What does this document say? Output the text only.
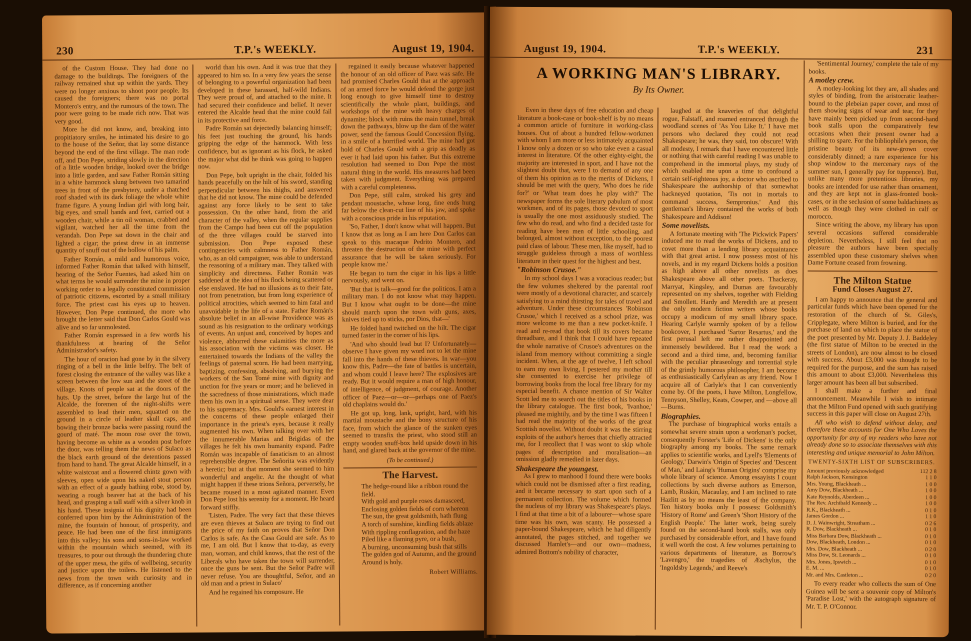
230	T.P.'s WEEKLY.	August 19, 1904.

of the Custom House. They had done no damage to the buildings. The foreigners of the railway remained shut up within the yards. They were no longer anxious to shoot poor people. Its caused the foreigners; there was no portal Montero's entry, and the rumours of the town. The poor were going to be made rich now. That was very good.

More he did not know, and, breaking into propitiatory smiles, he intimated his desire to go to the house of the Señor, that lay some distance beyond the end of the first village. The man rode off, and Don Pepe, striding slowly in the direction of a little wooden bridge, looked over the bridge into a little garden, and saw Father Román sitting in a white hammock slung between two tamarind trees in front of the presbytery, under a thatched roof shaded with its dark foliage the whole white frame figure. A young Indian girl with long hair, big eyes, and small hands and feet, carried out a wooden chair, while a tin oil woman, crabbed and vigilant, watched her all the time from the verandah. Don Pepe sat down in the chair and lighted a cigar; the priest drew in an immense quantity of snuff out of the hollow of his palm.

Father Román, a mild and humorous voice, informed Father Román that talked with himself, hearing of the Señor Fuentes, had asked him on what terms he would surrender the mine in proper working order to a legally constituted commission of patriotic citizens, escorted by a small military force. The priest cast his eyes up to heaven. However, Don Pepe continued, the more who brought the letter said that Don Carlos Gould was alive and so far unmolested.

Father Román expressed in a few words his thankfulness at hearing of the Señor Administrador's safety.

The hour of oracion had gone by in the silvery ringing of a bell in the little belfry. The belt of forest closing the entrance of the valley was like a screen between the low sun and the street of the village. Knots of people sat at the doors of the huts. Up the street, before the large hut of the Alcalde, the foremen of the night-shifts were assembled to lead their men, squatted on the ground in a circle of leather skull caps, and bowing their bronze backs were passing round the gourd of maté. The moon rose over the town, having become as white as a wooden post before the door, was telling them the news of Sulaco as the black earth ground of the detentions passed from hand to hand. The great Alcalde himself, in a white waistcoat and a flowered chintz gown with sleeves, open wide upon his naked stout person with an effect of a gaudy bathing robe, stood by, wearing a rough beaver hat at the back of his head, and grasping a tall staff with a silver knob in his hand. These insignia of his dignity had been conferred upon him by the Administration of the mine, the fountain of honour, of prosperity, and peace. He had been one of the first immigrants into this valley; his sons and sons-in-law worked within the mountain which seemed, with its treasures, to pour out through the thundering chute of the upper mesa, the gifts of wellbeing, security and justice upon the toilers. He listened to the news from the town with curiosity and in difference, as if concerning another

world than his own. And it was true that they appeared to him so. In a very few years the sense of belonging to a powerful organization had been developed in these harassed, half-wild Indians. They were proud of, and attached to the mine. It had secured their confidence and belief. It never entered the Alcalde head that the mine could fail in its protective and force.

Padre Román sat dejectedly balancing himself; his feet just touching the ground, his hands gripping the edge of the hammock. With less confidence, but as ignorant as his flock, he asked the major what did he think was going to happen now.

Don Pepe, bolt upright in the chair, folded his hands peacefully on the hilt of his sword, standing perpendicular between his thighs, and answered that he did not know. The mine could be defended against any force likely to be sent to take possession. On the other hand, from the arid character of the valley, when the regular supplies from the Campo had been cut off the population of the three villages could be starved into submission. Don Pepe exposed these contingencies with calmness to Father Román, who, as an old campaigner, was able to understand the reasoning of a military man. They talked with simplicity and directness. Father Román was saddened at the idea of his flock being scattered or else enslaved. He had no illusions as to their fate, not from penetration, but from long experience of political atrocities, which seemed to him fatal and unavoidable in the life of a state. Father Román's absolute belief in an all-wise Providence was as sound as his resignation to the ordinary workings of events. An unjust and, conceived by hopes and violence, abhorred these calamities the more as his association with the victims was closer. He entertained towards the Indians of the valley the feelings of paternal scorn. He had been marrying, baptizing, confessing, absolving, and burying the workers of the San Tomé mine with dignity and unction for five years or more; and he believed in the sacredness of those ministrations, which made them his own in a spiritual sense. They were dear to his supremacy. Mrs. Gould's earnest interest in the concerns of these people enlarged their importance in the priest's eyes, because it really augmented his own. When talking over with her the innumerable Marias and Brigidas of the villages he felt his own humanity expand. Padre Román was incapable of fanaticism to an almost reprehensible degree. The Señorita was evidently a heretic; but at that moment she seemed to him wonderful and angelic. At the thought of what might happen if these trions Señora, perversely, he became roused in a most agitated manner. Even Don Pepe lost his serenity for a moment. He heard forward stiffly.

'Listen, Padre. The very fact that these thieves are even thieves at Sulaco are trying to find out the price of my faith on proves that Señor Don Carlos is safe. As the Casa Gould are safe. As to me, I am old. But I know that to-day, as every man, woman, and child knows, that the rest of the Liberals who have taken the town will surrender, once the guns be sent. But the Señor Padre will never refuse. You are thoughtful, Señor, and an old man and a priest in Sulaco'

And he regained his composure. He

regained it easily because whatever happened the honour of an old officer of Paez was safe. He had promised Charles Gould that at the approach of an armed force he would defend the gorge just long enough to give himself time to destroy scientifically the whole plant, buildings, and workshops of the mine with heavy charges of dynamite; block with ruins the main tunnel, break down the pathways, blow up the dam of the water power, send the famous Gould Concession flying, in a smile of a horrified world. The mine had got hold of Charles Gould with a grip as deadly as ever it had laid upon his father. But this extreme resolution had seemed to Don Pepe the most natural thing in the world. His measures had been taken with judgment. Everything was prepared with a careful completeness.

Don Pepe, still calm, stroked his grey and pendant moustache, whose long, fine ends hung far below the clean-cut line of his jaw, and spoke with a conscious pride in his reputation.

'So, Father, I don't know what will happen. But I know that as long as I am here Don Carlos can speak to this macaque Pedrito Montero, and threaten the destruction of the mine with perfect assurance that he will be taken seriously. For people know me.'

He began to turn the cigar in his lips a little nervously, and went on.

'But that is talk—good for the politicos. I am a military man. I do not know what may happen. But I know what ought to be done—the mine should march upon the town with guns, axes, knives tied up to sticks, por Dios, that—'

He folded hand twitched on the hilt. The cigar turned faster in the corner of his lips.

'And who should lead but I? Unfortunately—observe I have given my word not to let the mine fall into the hands of these thieves. In war—you know this, Padre—the fate of battles is uncertain, and whom could I leave here? The explosives are ready. But it would require a man of high honour, of intelligence, of judgment, of courage. Another officer of Paez—or—or—perhaps one of Paez's old chaplains would do.'

He got up, long, lank, upright, hard, with his martial moustache and the bony structure of his face, from which the glance of the sunken eyes seemed to transfix the priest, who stood still an empty wooden snuff-box held upside down in his hand, and glared back at the governor of the mine.

(To be continued.)
The Harvest.
The hedge-round like a ribbon round the field.
With gold and purple roses damasceed,
Enclosing golden fields of corn whereon
The sun, the great goldsmith, hath flung
A torch of sunshine, kindling fields ablaze
With rippling conflagration, and the haze
Piled like a flaming pyre, or a bush,
A burning, unconsuming bush that stills
The golden god of Autumn, and the ground
Around is holy.
Robert Williams.
August 19, 1904.	T.P.'s WEEKLY.	231
A WORKING MAN'S LIBRARY.
By Its Owner.

Even in these days of free education and cheap literature a book-case or book-shelf is by no means a common article of furniture in working-class houses. Out of about a hundred fellow-workmen with whom I am more or less intimately acquainted I know only a dozen or so who take even a casual interest in literature. Of the other eighty-eight, the majority are interested in sport, and I have not the slightest doubt that, were I to demand of any one of them his opinion as to the merits of Dickens, I should be met with the query, 'Who does he ride for?' or 'What team does he play with?' The newspaper forms the sole literary pabulum of most workmen, and of its pages, those devoted to sport is usually the one most assiduously studied. The few who do read, and who find a decided taste for reading have been men of little schooling, and belonged, almost without exception, to the poorest paid class of labour. These men, like myself, had to struggle guideless through a mass of worthless literature in their quest for the highest and best.

"Robinson Crusoe."

In my school days I was a voracious reader; but the few volumes sheltered by the parental roof were mostly of a devotional character, and scarcely satisfying to a mind thirsting for tales of travel and adventure. Under these circumstances 'Robinson Crusoe,' which I received as a school prize, was more welcome to me than a new pocket-knife. I read and re-read that book till its covers became threadbare, and I think that I could have repeated the whole narrative of Crusoe's adventures on the island from memory without committing a single incident. When, at the age of twelve, I left school to earn my own living, I pestered my mother till she consented to exercise her privilege of borrowing books from the local free library for my especial benefit. A chance mention of Sir Walter Scott led me to search out the titles of his books in the library catalogue. The first book, 'Ivanhoe,' pleased me mightily, and by the time I was fifteen I had read the majority of the works of the great Scottish novelist. Without doubt it was the stirring exploits of the author's heroes that chiefly attracted me, for I recollect that I was wont to skip whole pages of description and moralisation—an omission gladly remedied in later days.

Shakespeare the youngest.

As I grew to manhood I found there were books which could not be dismissed after a first reading, and it became necessary to start upon such of a permanent collection. The volume which formed the nucleus of my library was Shakespeare's plays. I find at that time a bit of a labourer—whose spare time was his own, was scanty. He possessed a paper-bound Shakespeare, which he had diligently annotated, the pages stitched, and together we discussed Hamlet's—and our own—madness, admired Bottom's nobility of character,

laughed at the knaveries of that delightful rogue, Falstaff, and roamed entranced through the woodland scenes of 'As You Like It.' I have met persons who declared they could not read Shakespeare; he was, they said, too obscure! With all modesty, I remark that I have encountered little or nothing that with careful reading I was unable to comprehend in the immortal plays, my study of which enabled me upon a time to confound a certain self-righteous joy, a doctor who ascribed to Shakespeare the authorship of that somewhat hackneyed quotation, 'Tis not in mortals to command success, Sempronius.' And this gentleman's library contained the works of both Shakespeare and Addison!

Some novelists.

A fortunate meeting with 'The Pickwick Papers' induced me to read the works of Dickens, and to covet more than a lending library acquaintance with that great artist. I now possess most of his novels, and in my regard Dickens holds a position as high above all other novelists as does Shakespeare above all other poets. Thackeray, Marryat, Kingsley, and Dumas are favourably represented on my shelves, together with Fielding and Smollett. Hardy and Meredith are at present the only modern fiction writers whose books occupy a modicum of my small library space. Hearing Carlyle warmly spoken of by a fellow bookcover, I purchased 'Sartor Resartus,' and the first perusal left me rather disappointed and immensely bewildered. But I read the work a second and a third time, and, becoming familiar with the peculiar phraseology and torrential style of the grimly humorous philosopher, I am become as enthusiastically Carlylean as any friend. Now I acquire all of Carlyle's that I can conveniently come by. Of the poets, I have Milton, Longfellow, Tennyson, Shelley, Keats, Cowper, and —above all—Burns.

Biographies.

The purchase of biographical works entails a somewhat severe strain upon a workman's pocket, consequently Forster's 'Life of Dickens' is the only biography among my books. The same remark applies to scientific works, and Lyell's 'Elements of Geology,' Darwin's 'Origin of Species' and 'Descent of Man,' and Laing's 'Human Origins' comprise my whole library of science. Among essayists I count collections by such diverse authors as Emerson, Lamb, Ruskin, Macaulay, and I am inclined to rate Hazlitt as by no means the least of the company. Ten history books only I possess: Goldsmith's 'History of Rome' and Green's 'Short History of the English People.' The latter work, being surely found on the second-hand book stalls, was only purchased by considerable effort, and I have found it well worth the cost. A few volumes pertaining to various departments of literature, as Borrow's 'Lavengro,' the tragedies of Æschylus, the 'Ingoldsby Legends,' and Reeve's

'Sentimental Journey,' complete the tale of my books.

A motley crew.

A motley-looking lot they are, all shades and styles of binding, from the aristocratic leather-bound to the plebeian paper cover, and most of them showing signs of wear and tear, for they have mainly been picked up from second-hand book stalls upon the comparatively few occasions when their present owner had a shilling to spare. For the bibliophile's person, the pristine beauty of its new-grown cover considerably dinned; a rare experience for his shop window to the mercenary rays of the summer sun, I generally pay for tuppence). But, unlike many more pretentious libraries, my books are intended for use rather than ornament, and they are kept not in glass-fronted book-cases, or in the seclusion of some baldachinets as well as though they were clothed in calf or morocco.

Since writing the above, my library has upon several occasions suffered considerable depletion. Nevertheless, I still feel that no pleasure the authors have been specially assembled upon these customary shelves when Dame Fortune ceased from frowning.

The Milton Statue
Fund Closes August 27.

I am happy to announce that the general and particular funds which have been opened for the restoration of the church of St. Giles's, Cripplegate, where Milton is buried, and for the purchase of land on which to place the statue of the poet presented by Mr. Deputy J. J. Baddeley (the first statue of Milton to be erected in the streets of London), are now almost to be closed with success. About £3,000 was thought to be required for the purpose, and the sum has raised this amount to about £3,000. Nevertheless this larger amount has been all but subscribed.

I shall make a further and final announcement. Meanwhile I wish to intimate that the Milton Fund opened with such gratifying success in this paper will close on August 27th.

All who wish to defend without delay, and therefore these accounts for One Who Loves the opportunity for any of my readers who have not already done so to associate themselves with this interesting and unique memorial to John Milton.

TWENTY-SIXTH LIST OF SUBSCRIBERS.
Amount previously acknowledged	112 2 8
Ralph Jackson, Kensington	1 1 0
Mrs. Young, Blackheath ...	1 0 0
Amy Dow, Blackheath ...	1 0 0
Kate Reynolds, Aberdeen ...	1 0 0
The Rev. Archibald Kennedy ...	1 0 0
R.K., Blackheath ...	0 1 0
James Gordon ...	1 1 0
D. J. Wainwright, Streatham ...	0 2 6
R. Dow, Blackheath ...	0 1 0
Miss Barbara Dow, Blackheath ...	0 1 0
Dow, Blackheath, London ...	0 1 0
Mrs. Dow, Blackheath ...	0 2 0
Miss Dow, St. Leonards ...	0 1 0
Mrs. Jones, Ipswich ...	0 1 0
E. M. ...	0 1 0
Mr. and Mrs. Castleton ...	0 2 0

To every reader who collects the sum of One Guinea will be sent a souvenir copy of Milton's 'Paradise Lost,' with the autograph signature of Mr. T. P. O'Connor.
